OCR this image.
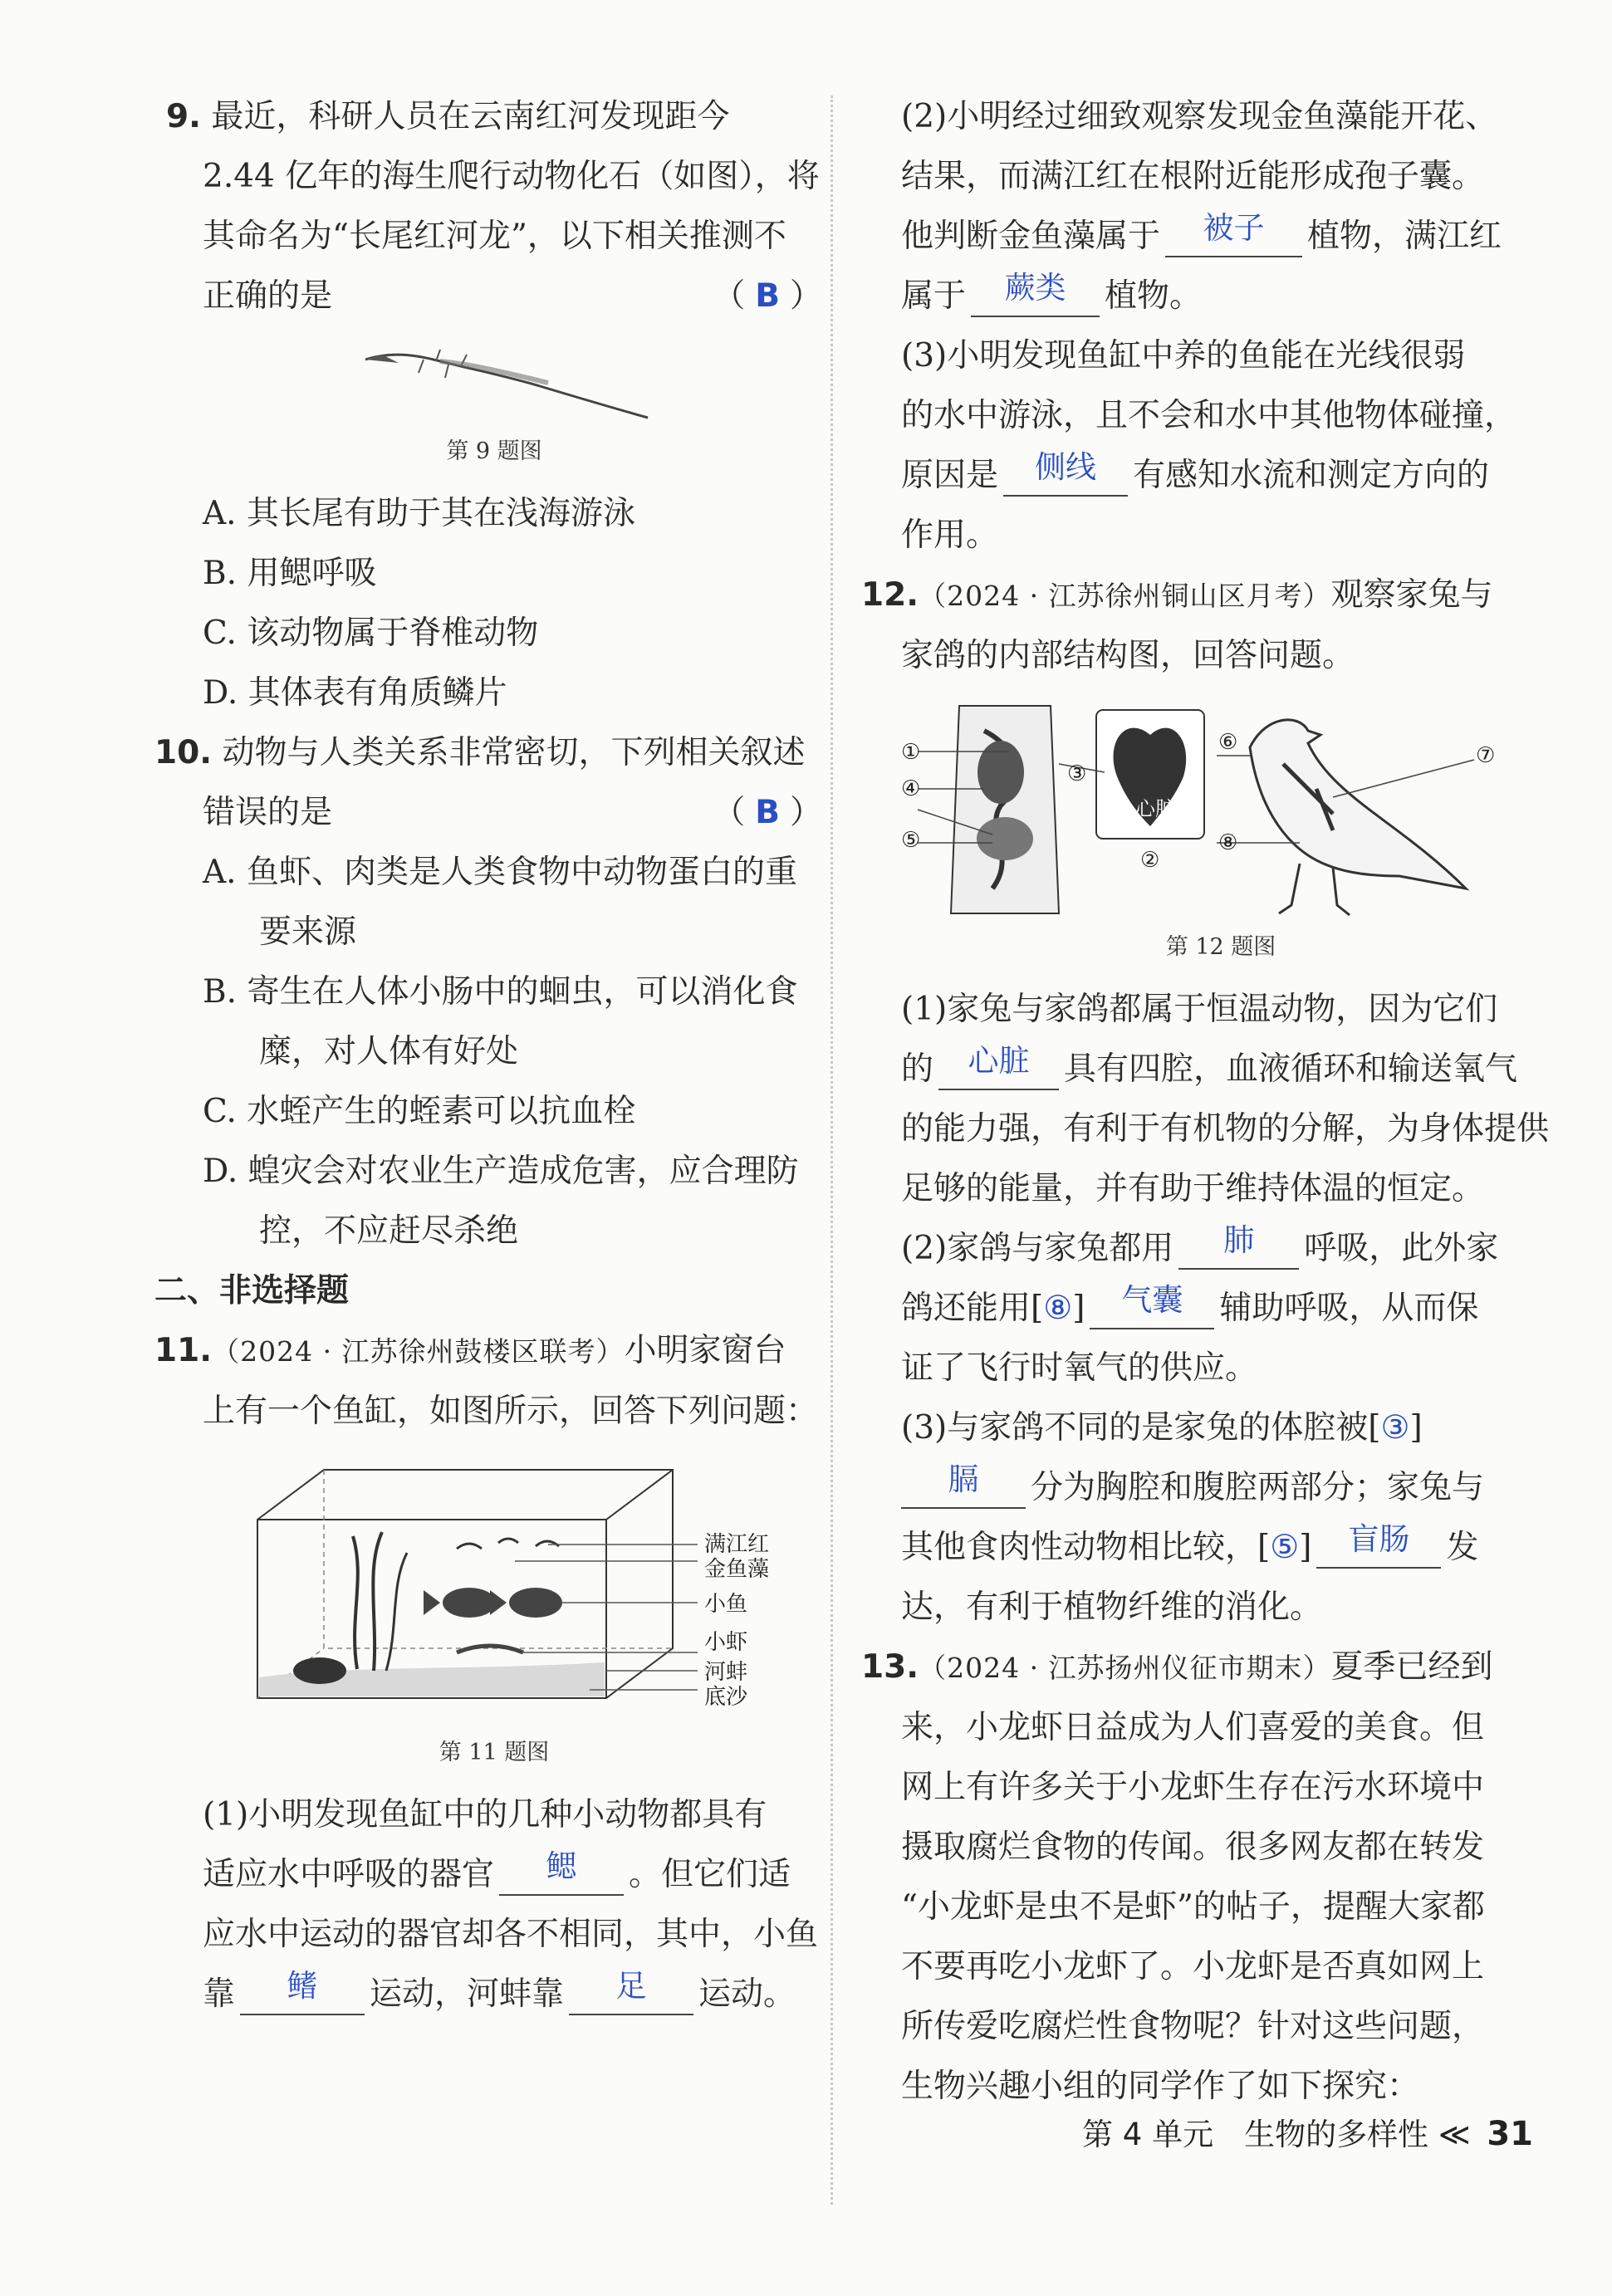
9. 最近，科研人员在云南红河发现距今

2.44 亿年的海生爬行动物化石（如图），将

其命名为“长尾红河龙”，以下相关推测不

正确的是	（ B ）

第 9 题图

A. 其长尾有助于其在浅海游泳

B. 用鳃呼吸

C. 该动物属于脊椎动物

D. 其体表有角质鳞片

10. 动物与人类关系非常密切，下列相关叙述

错误的是	（ B ）

A. 鱼虾、肉类是人类食物中动物蛋白的重

要来源

B. 寄生在人体小肠中的蛔虫，可以消化食

糜，对人体有好处

C. 水蛭产生的蛭素可以抗血栓

D. 蝗灾会对农业生产造成危害，应合理防

控，不应赶尽杀绝

二、非选择题

11.（2024 · 江苏徐州鼓楼区联考）小明家窗台

上有一个鱼缸，如图所示，回答下列问题：

满江红
金鱼藻
小鱼
小虾
河蚌
底沙

第 11 题图

(1)小明发现鱼缸中的几种小动物都具有

适应水中呼吸的器官 鳃 。但它们适

应水中运动的器官却各不相同，其中，小鱼

靠 鳍 运动，河蚌靠 足 运动。

(2)小明经过细致观察发现金鱼藻能开花、

结果，而满江红在根附近能形成孢子囊。

他判断金鱼藻属于 被子 植物，满江红

属于 蕨类 植物。

(3)小明发现鱼缸中养的鱼能在光线很弱

的水中游泳，且不会和水中其他物体碰撞，

原因是 侧线 有感知水流和测定方向的

作用。

12.（2024 · 江苏徐州铜山区月考）观察家兔与

家鸽的内部结构图，回答问题。

心脏
①
②
③
④
⑤
⑥
⑦
⑧

第 12 题图

(1)家兔与家鸽都属于恒温动物，因为它们

的 心脏 具有四腔，血液循环和输送氧气

的能力强，有利于有机物的分解，为身体提供

足够的能量，并有助于维持体温的恒定。

(2)家鸽与家兔都用 肺 呼吸，此外家

鸽还能用[⑧] 气囊 辅助呼吸，从而保

证了飞行时氧气的供应。

(3)与家鸽不同的是家兔的体腔被[③]

膈 分为胸腔和腹腔两部分；家兔与

其他食肉性动物相比较，[⑤] 盲肠 发

达，有利于植物纤维的消化。

13.（2024 · 江苏扬州仪征市期末）夏季已经到

来，小龙虾日益成为人们喜爱的美食。但

网上有许多关于小龙虾生存在污水环境中

摄取腐烂食物的传闻。很多网友都在转发

“小龙虾是虫不是虾”的帖子，提醒大家都

不要再吃小龙虾了。小龙虾是否真如网上

所传爱吃腐烂性食物呢？针对这些问题，

生物兴趣小组的同学作了如下探究：

第 4 单元　生物的多样性 ≪ 31
